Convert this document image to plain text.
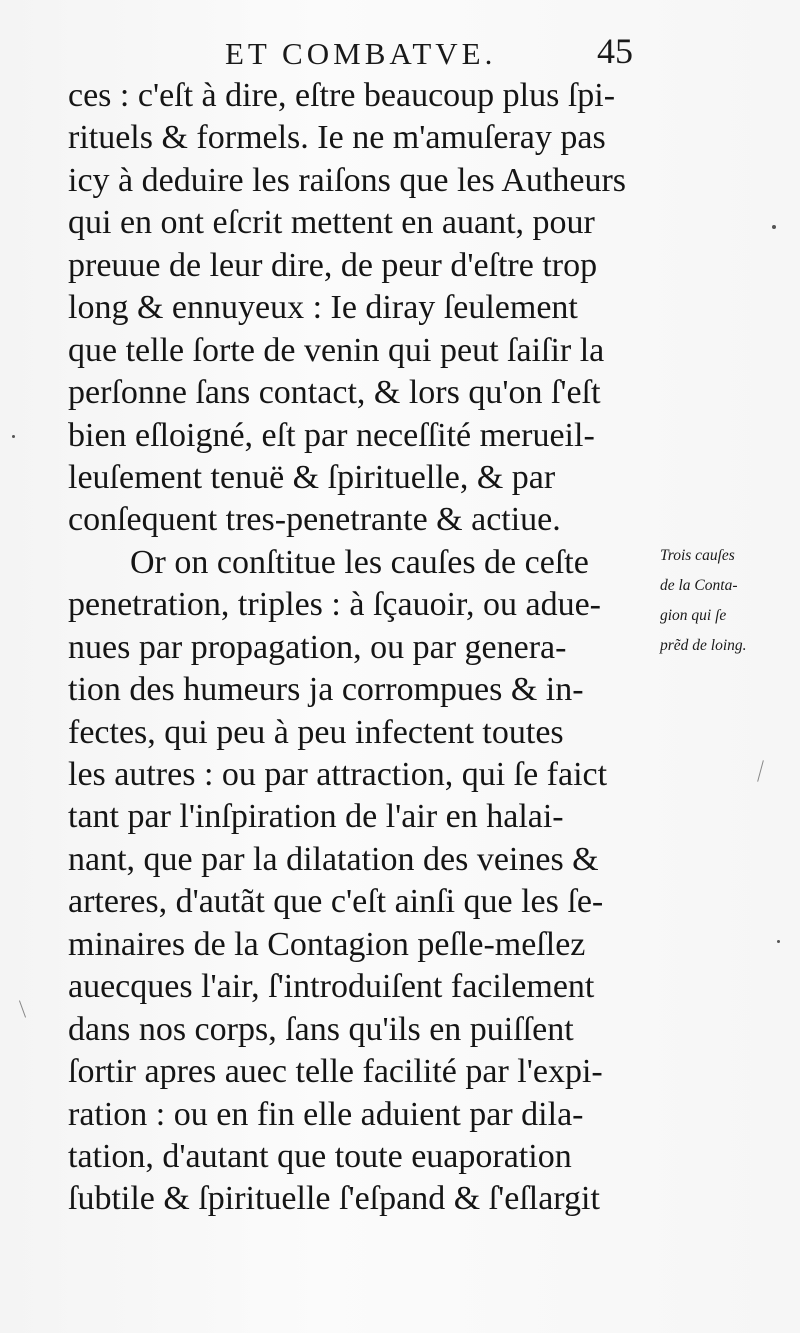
ET COMBATVE.	45
ces : c'eſt à dire, eſtre beaucoup plus ſpi-
rituels & formels. Ie ne m'amuſeray pas
icy à deduire les raiſons que les Autheurs
qui en ont eſcrit mettent en auant, pour
preuue de leur dire, de peur d'eſtre trop
long & ennuyeux : Ie diray ſeulement
que telle ſorte de venin qui peut ſaiſir la
perſonne ſans contact, & lors qu'on ſ'eſt
bien eſloigné, eſt par neceſſité merueil-
leuſement tenuë & ſpirituelle, & par
conſequent tres-penetrante & actiue.
Or on conſtitue les cauſes de ceſte
penetration, triples : à ſçauoir, ou adue-
nues par propagation, ou par genera-
tion des humeurs ja corrompues & in-
fectes, qui peu à peu infectent toutes
les autres : ou par attraction, qui ſe faict
tant par l'inſpiration de l'air en halai-
nant, que par la dilatation des veines &
arteres, d'autãt que c'eſt ainſi que les ſe-
minaires de la Contagion peſle-meſlez
auecques l'air, ſ'introduiſent facilement
dans nos corps, ſans qu'ils en puiſſent
ſortir apres auec telle facilité par l'expi-
ration : ou en fin elle aduient par dila-
tation, d'autant que toute euaporation
ſubtile & ſpirituelle ſ'eſpand & ſ'eſlargit
Trois cauſes
de la Conta-
gion qui ſe
prẽd de loing.
